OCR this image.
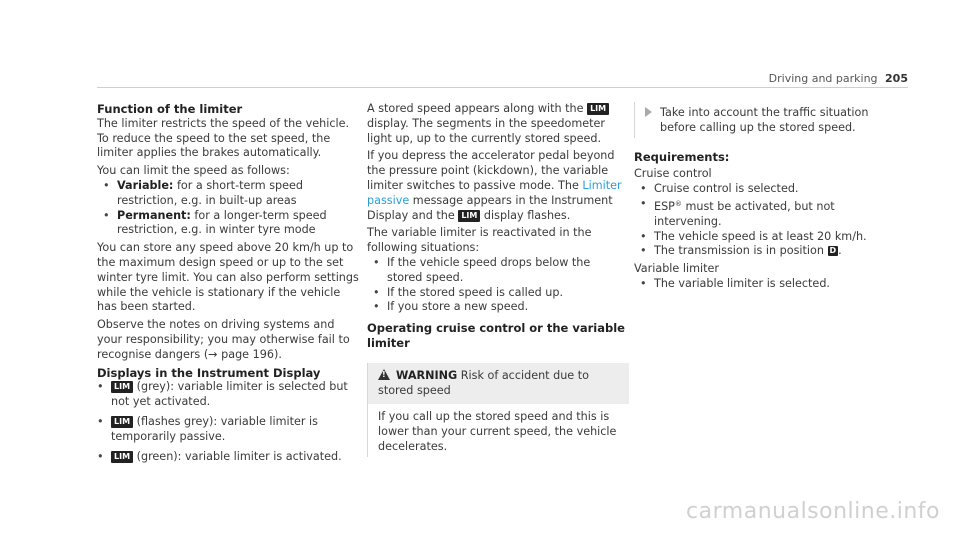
Driving and parking 205

Function of the limiter

The limiter restricts the speed of the vehicle. To reduce the speed to the set speed, the limiter applies the brakes automatically.

You can limit the speed as follows:

• Variable: for a short-term speed restriction, e.g. in built-up areas
• Permanent: for a longer-term speed restriction, e.g. in winter tyre mode

You can store any speed above 20 km/h up to the maximum design speed or up to the set winter tyre limit. You can also perform settings while the vehicle is stationary if the vehicle has been started.

Observe the notes on driving systems and your responsibility; you may otherwise fail to recognise dangers (→ page 196).

Displays in the Instrument Display

• LIM (grey): variable limiter is selected but not yet activated.
• LIM (flashes grey): variable limiter is temporarily passive.
• LIM (green): variable limiter is activated.

A stored speed appears along with the LIM display. The segments in the speedometer light up, up to the currently stored speed.

If you depress the accelerator pedal beyond the pressure point (kickdown), the variable limiter switches to passive mode. The Limiter passive message appears in the Instrument Display and the LIM display flashes.

The variable limiter is reactivated in the following situations:

• If the vehicle speed drops below the stored speed.
• If the stored speed is called up.
• If you store a new speed.

Operating cruise control or the variable limiter

!WARNING Risk of accident due to stored speed
If you call up the stored speed and this is lower than your current speed, the vehicle decelerates.
Take into account the traffic situation before calling up the stored speed.

Requirements:

Cruise control

• Cruise control is selected.
• ESP® must be activated, but not intervening.
• The vehicle speed is at least 20 km/h.
• The transmission is in position D .

Variable limiter

• The variable limiter is selected.
carmanualsonline.info
